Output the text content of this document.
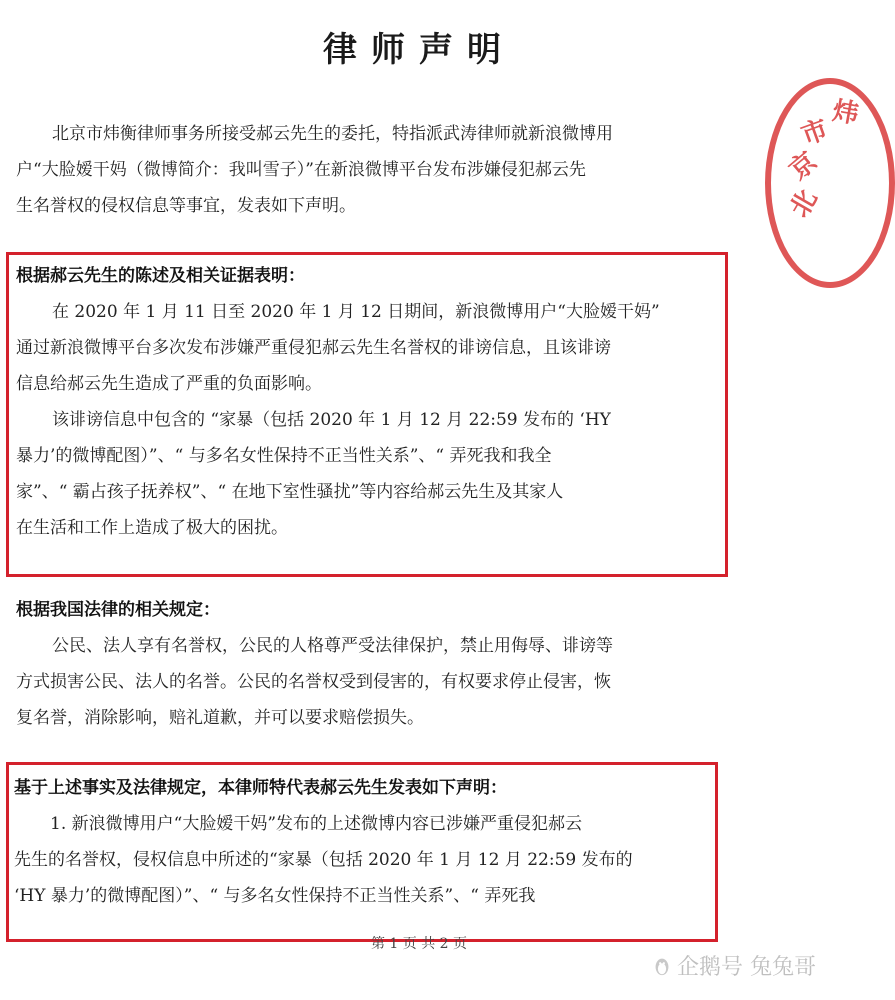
律师声明
北
京
市
炜
北京市炜衡律师事务所接受郝云先生的委托，特指派武涛律师就新浪微博用
户“大脸嫒干妈（微博简介：我叫雪子）”在新浪微博平台发布涉嫌侵犯郝云先
生名誉权的侵权信息等事宜，发表如下声明。
根据郝云先生的陈述及相关证据表明：
在 2020 年 1 月 11 日至 2020 年 1 月 12 日期间，新浪微博用户“大脸嫒干妈”
通过新浪微博平台多次发布涉嫌严重侵犯郝云先生名誉权的诽谤信息，且该诽谤
信息给郝云先生造成了严重的负面影响。
该诽谤信息中包含的 “家暴（包括 2020 年 1 月 12 月 22:59 发布的 ‘HY
暴力’的微博配图）”、“ 与多名女性保持不正当性关系”、“ 弄死我和我全
家”、“ 霸占孩子抚养权”、“ 在地下室性骚扰”等内容给郝云先生及其家人
在生活和工作上造成了极大的困扰。
根据我国法律的相关规定：
公民、法人享有名誉权，公民的人格尊严受法律保护，禁止用侮辱、诽谤等
方式损害公民、法人的名誉。公民的名誉权受到侵害的，有权要求停止侵害，恢
复名誉，消除影响，赔礼道歉，并可以要求赔偿损失。
基于上述事实及法律规定，本律师特代表郝云先生发表如下声明：
1. 新浪微博用户“大脸嫒干妈”发布的上述微博内容已涉嫌严重侵犯郝云
先生的名誉权，侵权信息中所述的“家暴（包括 2020 年 1 月 12 月 22:59 发布的
‘HY 暴力’的微博配图）”、“ 与多名女性保持不正当性关系”、“ 弄死我
第 1 页 共 2 页
企鹅号 兔兔哥
